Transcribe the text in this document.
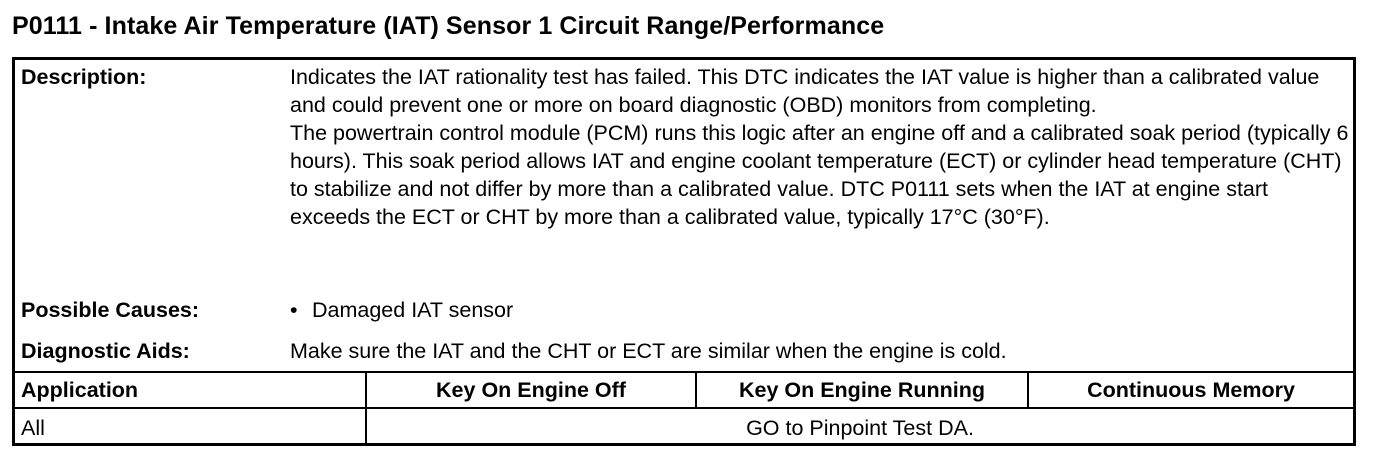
P0111 - Intake Air Temperature (IAT) Sensor 1 Circuit Range/Performance
Description:	Indicates the IAT rationality test has failed. This DTC indicates the IAT value is higher than a calibrated value and could prevent one or more on board diagnostic (OBD) monitors from completing.
The powertrain control module (PCM) runs this logic after an engine off and a calibrated soak period (typically 6 hours). This soak period allows IAT and engine coolant temperature (ECT) or cylinder head temperature (CHT) to stabilize and not differ by more than a calibrated value. DTC P0111 sets when the IAT at engine start exceeds the ECT or CHT by more than a calibrated value, typically 17°C (30°F).
Possible Causes:	• Damaged IAT sensor
Diagnostic Aids:	Make sure the IAT and the CHT or ECT are similar when the engine is cold.
Application	Key On Engine Off	Key On Engine Running	Continuous Memory
All	GO to Pinpoint Test DA.
